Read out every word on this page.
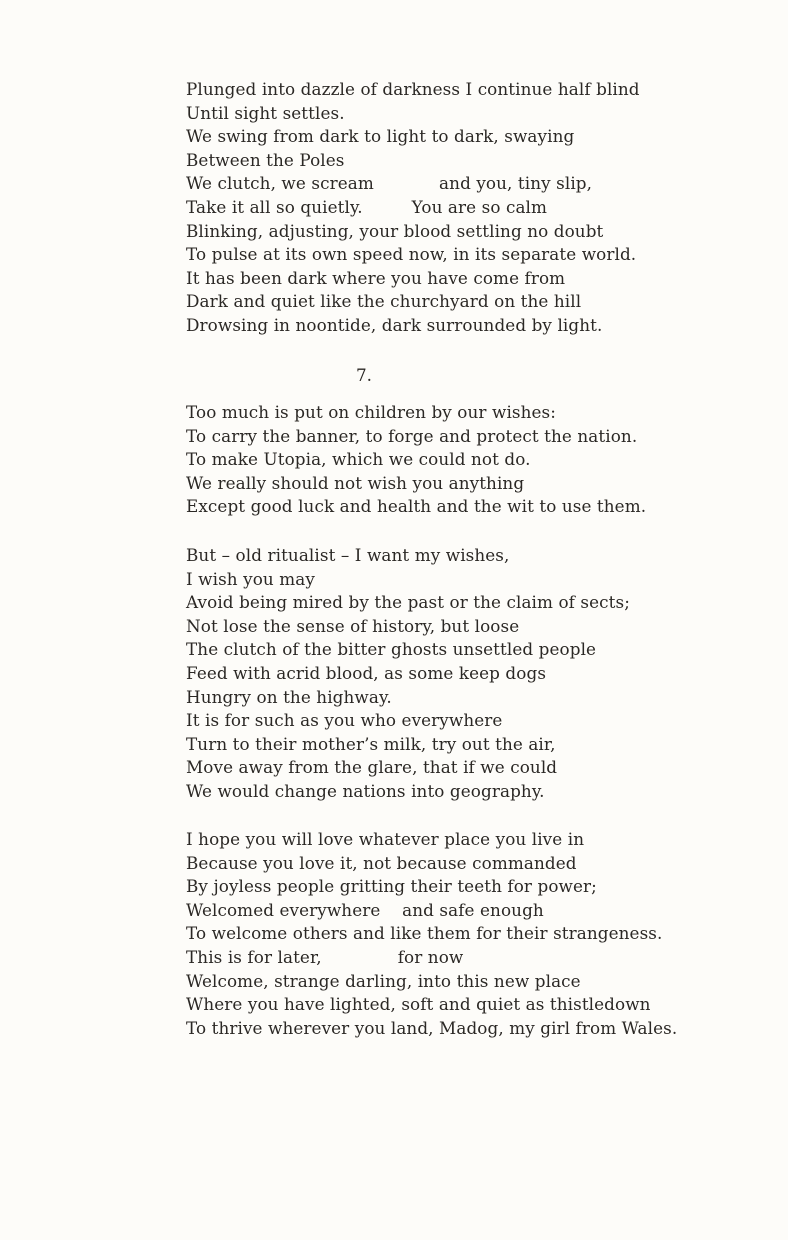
Plunged into dazzle of darkness I continue half blind
Until sight settles.
We swing from dark to light to dark, swaying
Between the Poles
We clutch, we scream            and you, tiny slip,
Take it all so quietly.         You are so calm
Blinking, adjusting, your blood settling no doubt
To pulse at its own speed now, in its separate world.
It has been dark where you have come from
Dark and quiet like the churchyard on the hill
Drowsing in noontide, dark surrounded by light.
7.
Too much is put on children by our wishes:
To carry the banner, to forge and protect the nation.
To make Utopia, which we could not do.
We really should not wish you anything
Except good luck and health and the wit to use them.
But – old ritualist – I want my wishes,
I wish you may
Avoid being mired by the past or the claim of sects;
Not lose the sense of history, but loose
The clutch of the bitter ghosts unsettled people
Feed with acrid blood, as some keep dogs
Hungry on the highway.
It is for such as you who everywhere
Turn to their mother’s milk, try out the air,
Move away from the glare, that if we could
We would change nations into geography.
I hope you will love whatever place you live in
Because you love it, not because commanded
By joyless people gritting their teeth for power;
Welcomed everywhere    and safe enough
To welcome others and like them for their strangeness.
This is for later,              for now
Welcome, strange darling, into this new place
Where you have lighted, soft and quiet as thistledown
To thrive wherever you land, Madog, my girl from Wales.
